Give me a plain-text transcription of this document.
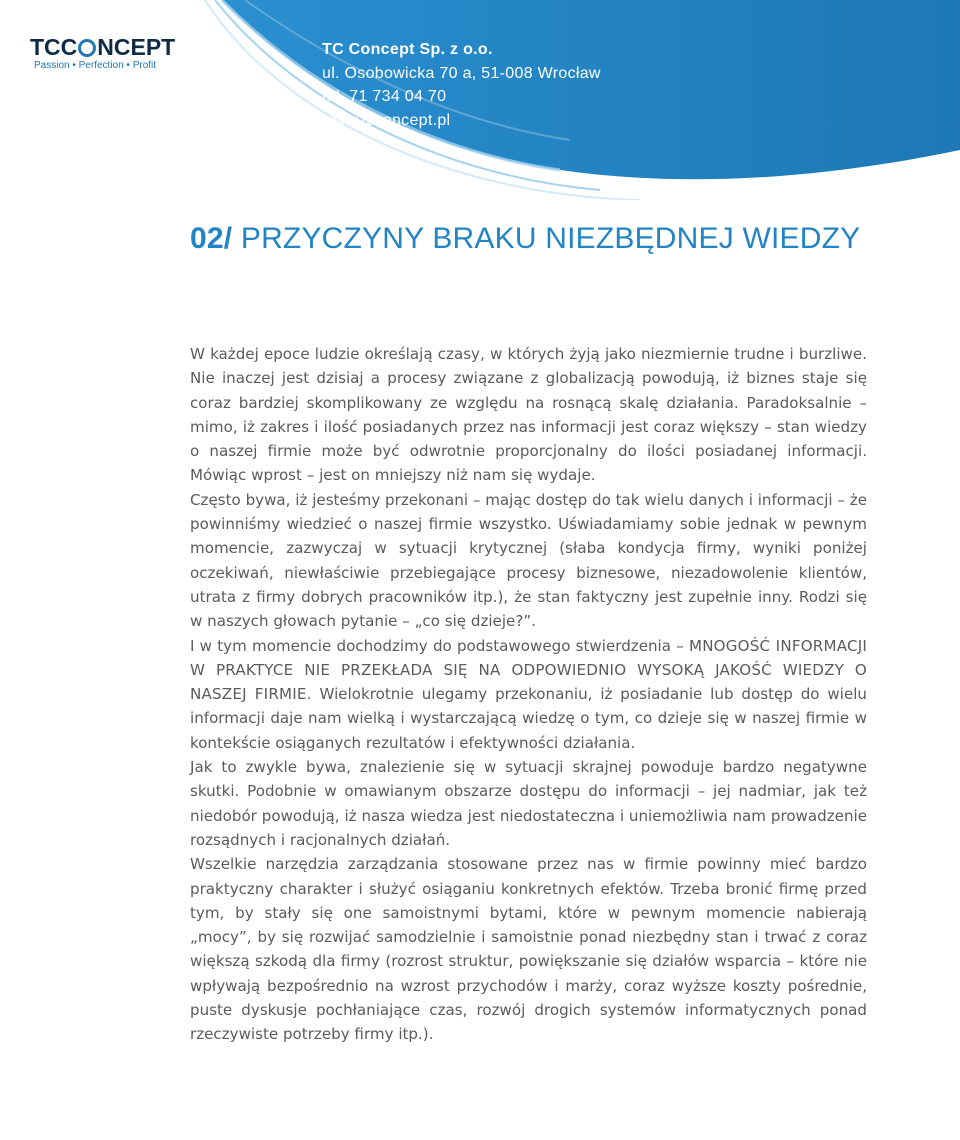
TCC NCEPT
Passion • Perfection • Profit
TC Concept Sp. z o.o.
ul. Osobowicka 70 a, 51-008 Wrocław
tel. 71 734 04 70
www.tcconcept.pl
02/ PRZYCZYNY BRAKU NIEZBĘDNEJ WIEDZY

W każdej epoce ludzie określają czasy, w których żyją jako niezmiernie trudne i burzliwe. Nie inaczej jest dzisiaj a procesy związane z globalizacją powodują, iż biznes staje się coraz bardziej skomplikowany ze względu na rosnącą skalę działania. Paradoksalnie – mimo, iż zakres i ilość posiadanych przez nas informacji jest coraz większy – stan wiedzy o naszej firmie może być odwrotnie proporcjonalny do ilości posiadanej informacji. Mówiąc wprost – jest on mniejszy niż nam się wydaje.

Często bywa, iż jesteśmy przekonani – mając dostęp do tak wielu danych i informacji – że powinniśmy wiedzieć o naszej firmie wszystko. Uświadamiamy sobie jednak w pewnym momencie, zazwyczaj w sytuacji krytycznej (słaba kondycja firmy, wyniki poniżej oczekiwań, niewłaściwie przebiegające procesy biznesowe, niezadowolenie klientów, utrata z firmy dobrych pracowników itp.), że stan faktyczny jest zupełnie inny. Rodzi się w naszych głowach pytanie – „co się dzieje?”.

I w tym momencie dochodzimy do podstawowego stwierdzenia – MNOGOŚĆ INFORMACJI W PRAKTYCE NIE PRZEKŁADA SIĘ NA ODPOWIEDNIO WYSOKĄ JAKOŚĆ WIEDZY O NASZEJ FIRMIE. Wielokrotnie ulegamy przekonaniu, iż posiadanie lub dostęp do wielu informacji daje nam wielką i wystarczającą wiedzę o tym, co dzieje się w naszej firmie w kontekście osiąganych rezultatów i efektywności działania.

Jak to zwykle bywa, znalezienie się w sytuacji skrajnej powoduje bardzo negatywne skutki. Podobnie w omawianym obszarze dostępu do informacji – jej nadmiar, jak też niedobór powodują, iż nasza wiedza jest niedostateczna i uniemożliwia nam prowadzenie rozsądnych i racjonalnych działań.

Wszelkie narzędzia zarządzania stosowane przez nas w firmie powinny mieć bardzo praktyczny charakter i służyć osiąganiu konkretnych efektów. Trzeba bronić firmę przed tym, by stały się one samoistnymi bytami, które w pewnym momencie nabierają „mocy”, by się rozwijać samodzielnie i samoistnie ponad niezbędny stan i trwać z coraz większą szkodą dla firmy (rozrost struktur, powiększanie się działów wsparcia – które nie wpływają bezpośrednio na wzrost przychodów i marży, coraz wyższe koszty pośrednie, puste dyskusje pochłaniające czas, rozwój drogich systemów informatycznych ponad rzeczywiste potrzeby firmy itp.).
